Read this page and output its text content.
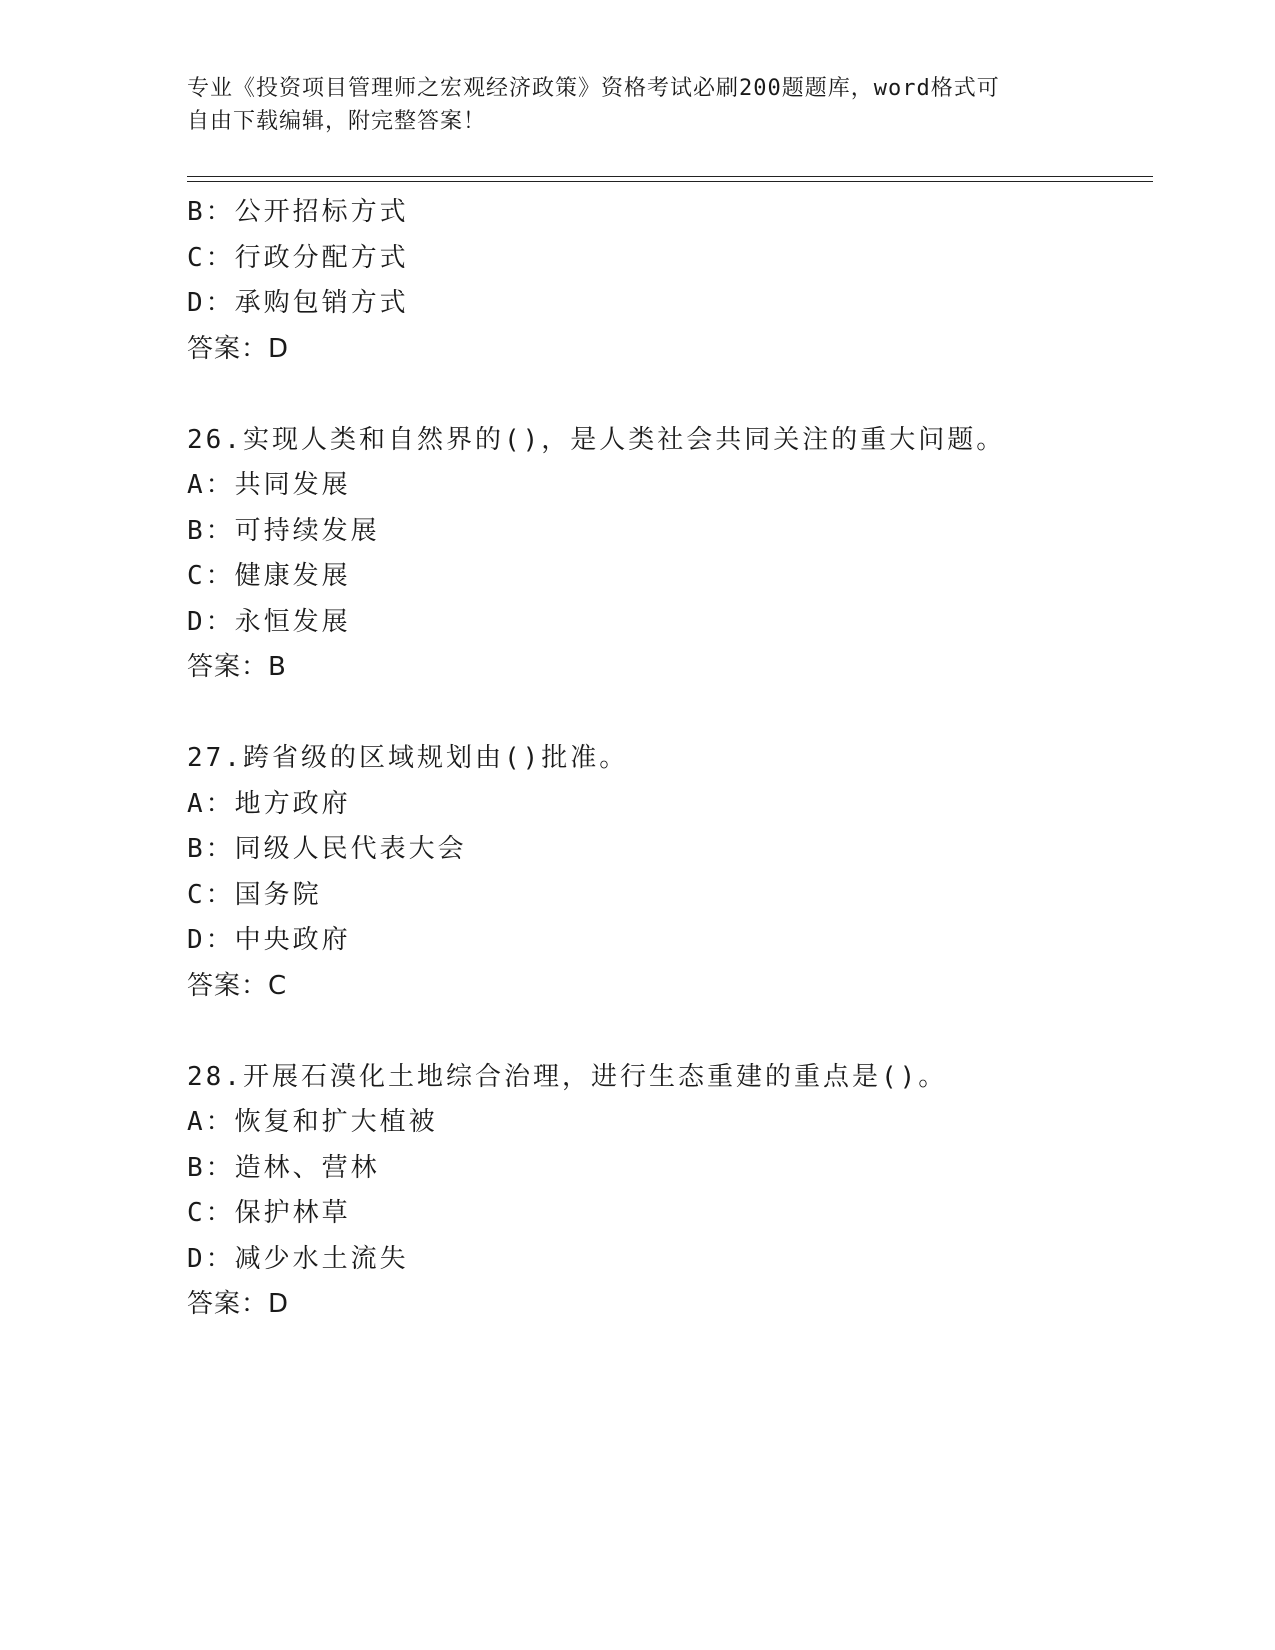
专业《投资项目管理师之宏观经济政策》资格考试必刷200题题库，word格式可
自由下载编辑，附完整答案！
B：公开招标方式
C：行政分配方式
D：承购包销方式
答案：D
26.实现人类和自然界的()，是人类社会共同关注的重大问题。
A：共同发展
B：可持续发展
C：健康发展
D：永恒发展
答案：B
27.跨省级的区域规划由()批准。
A：地方政府
B：同级人民代表大会
C：国务院
D：中央政府
答案：C
28.开展石漠化土地综合治理，进行生态重建的重点是()。
A：恢复和扩大植被
B：造林、营林
C：保护林草
D：减少水土流失
答案：D
